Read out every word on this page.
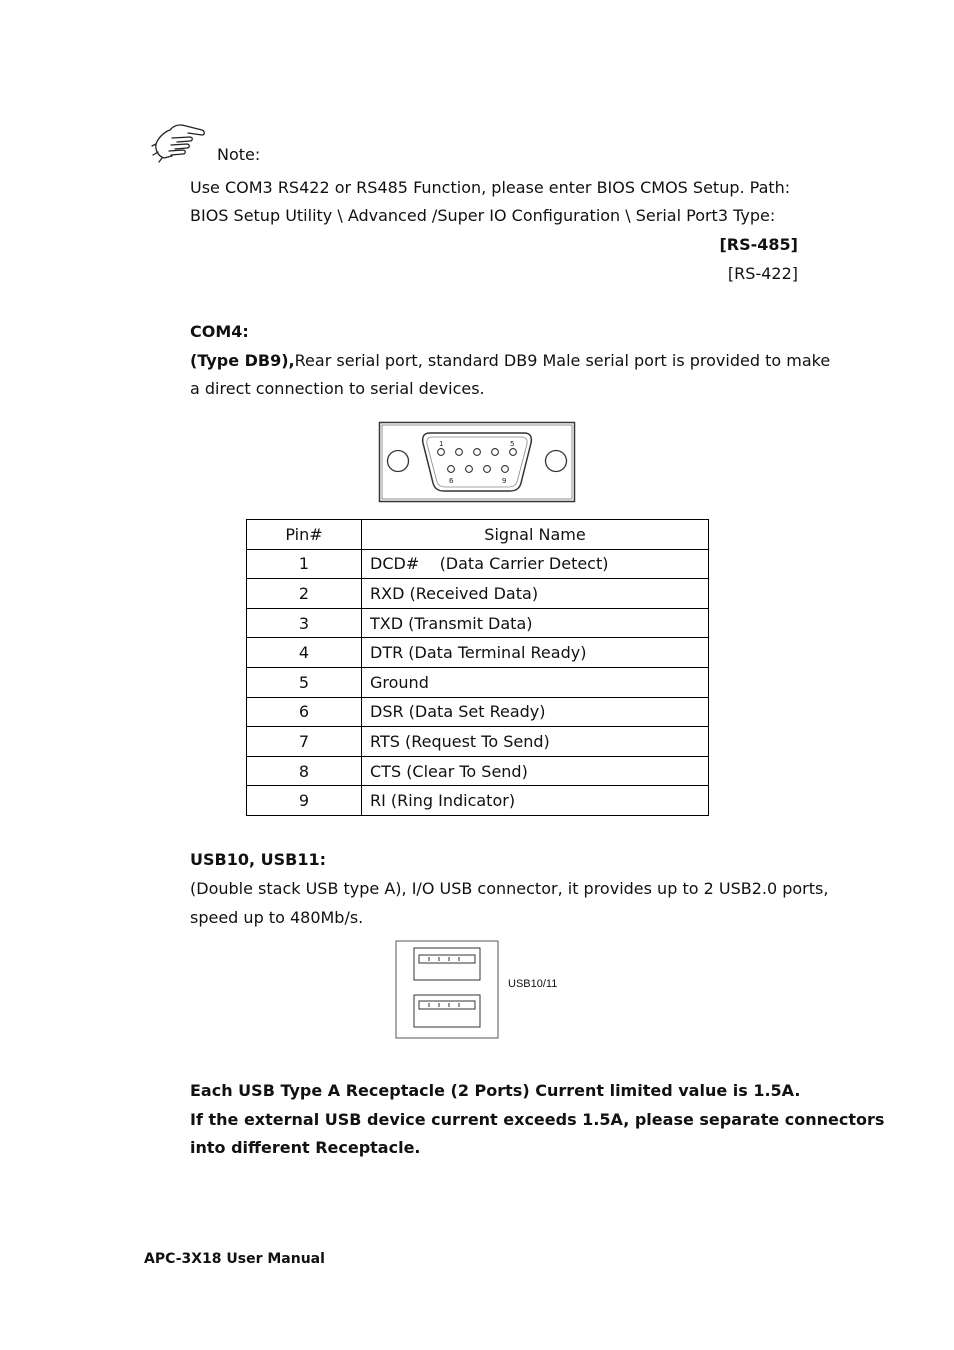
Note:
Use COM3 RS422 or RS485 Function, please enter BIOS CMOS Setup. Path:
BIOS Setup Utility \ Advanced /Super IO Configuration \ Serial Port3 Type:
[RS-485]
[RS-422]
COM4:
(Type DB9),Rear serial port, standard DB9 Male serial port is provided to make
a direct connection to serial devices.
1	5
6	9
Pin#	Signal Name
1	DCD#    (Data Carrier Detect)
2	RXD (Received Data)
3	TXD (Transmit Data)
4	DTR (Data Terminal Ready)
5	Ground
6	DSR (Data Set Ready)
7	RTS (Request To Send)
8	CTS (Clear To Send)
9	RI (Ring Indicator)
USB10, USB11:
(Double stack USB type A), I/O USB connector, it provides up to 2 USB2.0 ports,
speed up to 480Mb/s.
USB10/11
Each USB Type A Receptacle (2 Ports) Current limited value is 1.5A.
If the external USB device current exceeds 1.5A, please separate connectors
into different Receptacle.
APC-3X18 User Manual
